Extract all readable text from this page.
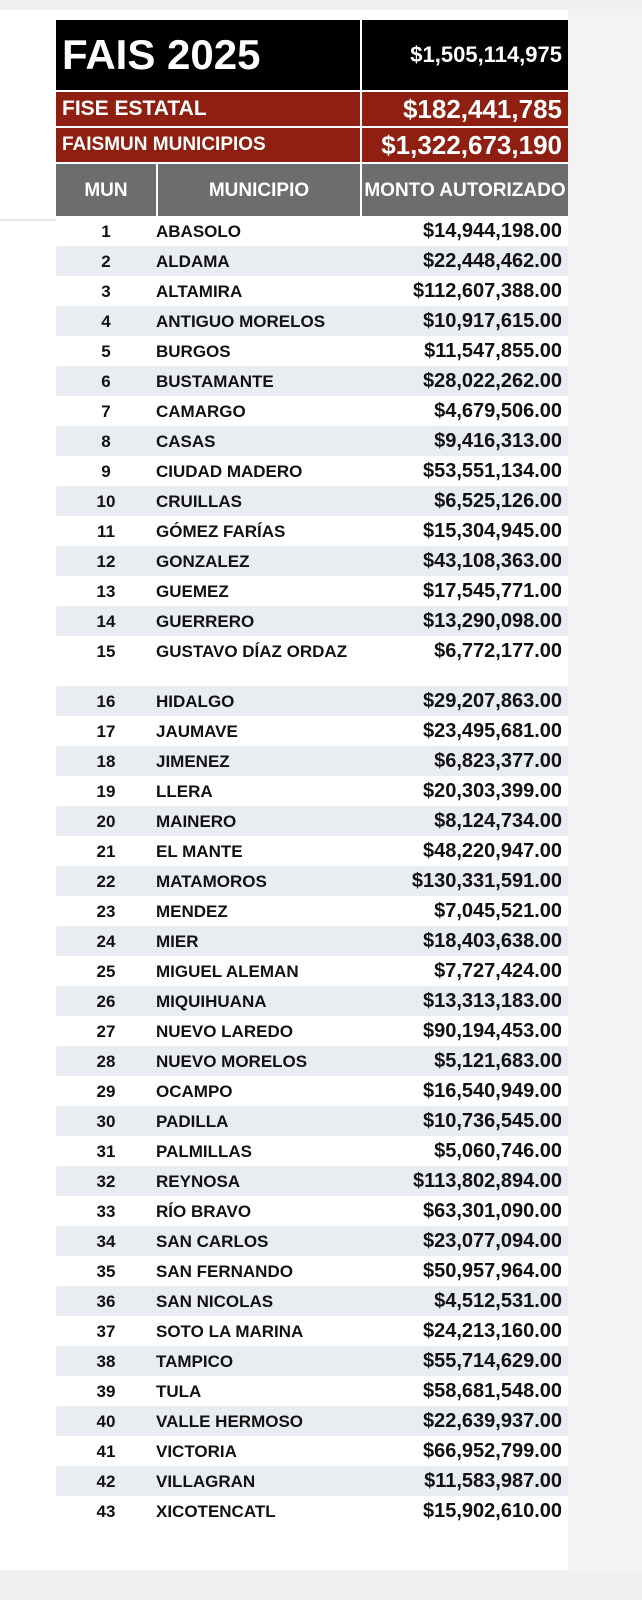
FAIS 2025	$1,505,114,975
FISE ESTATAL	$182,441,785
FAISMUN MUNICIPIOS	$1,322,673,190
MUN	MUNICIPIO	MONTO AUTORIZADO
1	ABASOLO	$14,944,198.00
2	ALDAMA	$22,448,462.00
3	ALTAMIRA	$112,607,388.00
4	ANTIGUO MORELOS	$10,917,615.00
5	BURGOS	$11,547,855.00
6	BUSTAMANTE	$28,022,262.00
7	CAMARGO	$4,679,506.00
8	CASAS	$9,416,313.00
9	CIUDAD MADERO	$53,551,134.00
10	CRUILLAS	$6,525,126.00
11	GÓMEZ FARÍAS	$15,304,945.00
12	GONZALEZ	$43,108,363.00
13	GUEMEZ	$17,545,771.00
14	GUERRERO	$13,290,098.00
15	GUSTAVO DÍAZ ORDAZ	$6,772,177.00
16	HIDALGO	$29,207,863.00
17	JAUMAVE	$23,495,681.00
18	JIMENEZ	$6,823,377.00
19	LLERA	$20,303,399.00
20	MAINERO	$8,124,734.00
21	EL MANTE	$48,220,947.00
22	MATAMOROS	$130,331,591.00
23	MENDEZ	$7,045,521.00
24	MIER	$18,403,638.00
25	MIGUEL ALEMAN	$7,727,424.00
26	MIQUIHUANA	$13,313,183.00
27	NUEVO LAREDO	$90,194,453.00
28	NUEVO MORELOS	$5,121,683.00
29	OCAMPO	$16,540,949.00
30	PADILLA	$10,736,545.00
31	PALMILLAS	$5,060,746.00
32	REYNOSA	$113,802,894.00
33	RÍO BRAVO	$63,301,090.00
34	SAN CARLOS	$23,077,094.00
35	SAN FERNANDO	$50,957,964.00
36	SAN NICOLAS	$4,512,531.00
37	SOTO LA MARINA	$24,213,160.00
38	TAMPICO	$55,714,629.00
39	TULA	$58,681,548.00
40	VALLE HERMOSO	$22,639,937.00
41	VICTORIA	$66,952,799.00
42	VILLAGRAN	$11,583,987.00
43	XICOTENCATL	$15,902,610.00
